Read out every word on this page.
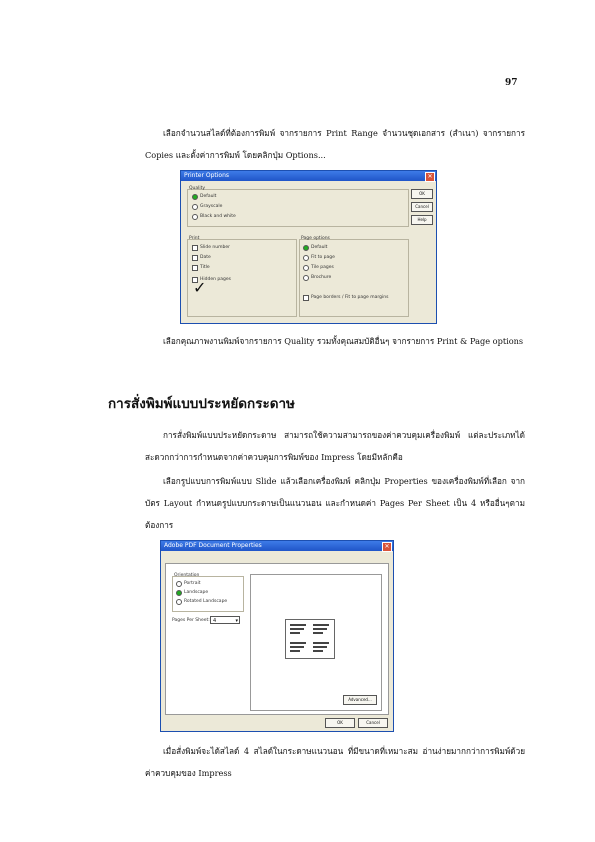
97
เลือกจำนวนสไลด์ที่ต้องการพิมพ์ จากรายการ Print Range จำนวนชุดเอกสาร (สำเนา) จากรายการ Copies และตั้งค่าการพิมพ์ โดยคลิกปุ่ม Options...
Printer Options	✕
Quality
Default
Grayscale
Black and white
OK
Cancel
Help
Print
Slide number
Date
Title
✓
Hidden pages
Page options
Default
Fit to page
Tile pages
Brochure
Page borders / Fit to page margins
เลือกคุณภาพงานพิมพ์จากรายการ Quality รวมทั้งคุณสมบัติอื่นๆ จากรายการ Print & Page options
การสั่งพิมพ์แบบประหยัดกระดาษ
การสั่งพิมพ์แบบประหยัดกระดาษ สามารถใช้ความสามารถของค่าควบคุมเครื่องพิมพ์ แต่ละประเภทได้สะดวกกว่าการกำหนดจากค่าควบคุมการพิมพ์ของ Impress โดยมีหลักคือ
เลือกรูปแบบการพิมพ์แบบ Slide แล้วเลือกเครื่องพิมพ์ คลิกปุ่ม Properties ของเครื่องพิมพ์ที่เลือก จากบัตร Layout กำหนดรูปแบบกระดาษเป็นแนวนอน และกำหนดค่า Pages Per Sheet เป็น 4 หรืออื่นๆตามต้องการ
Adobe PDF Document Properties	✕
Orientation
Portrait
Landscape
Rotated Landscape
Pages Per Sheet: 4	▾
Advanced...
OK	Cancel
เมื่อสั่งพิมพ์จะได้สไลด์ 4 สไลด์ในกระดาษแนวนอน ที่มีขนาดที่เหมาะสม อ่านง่ายมากกว่าการพิมพ์ด้วยค่าควบคุมของ Impress
